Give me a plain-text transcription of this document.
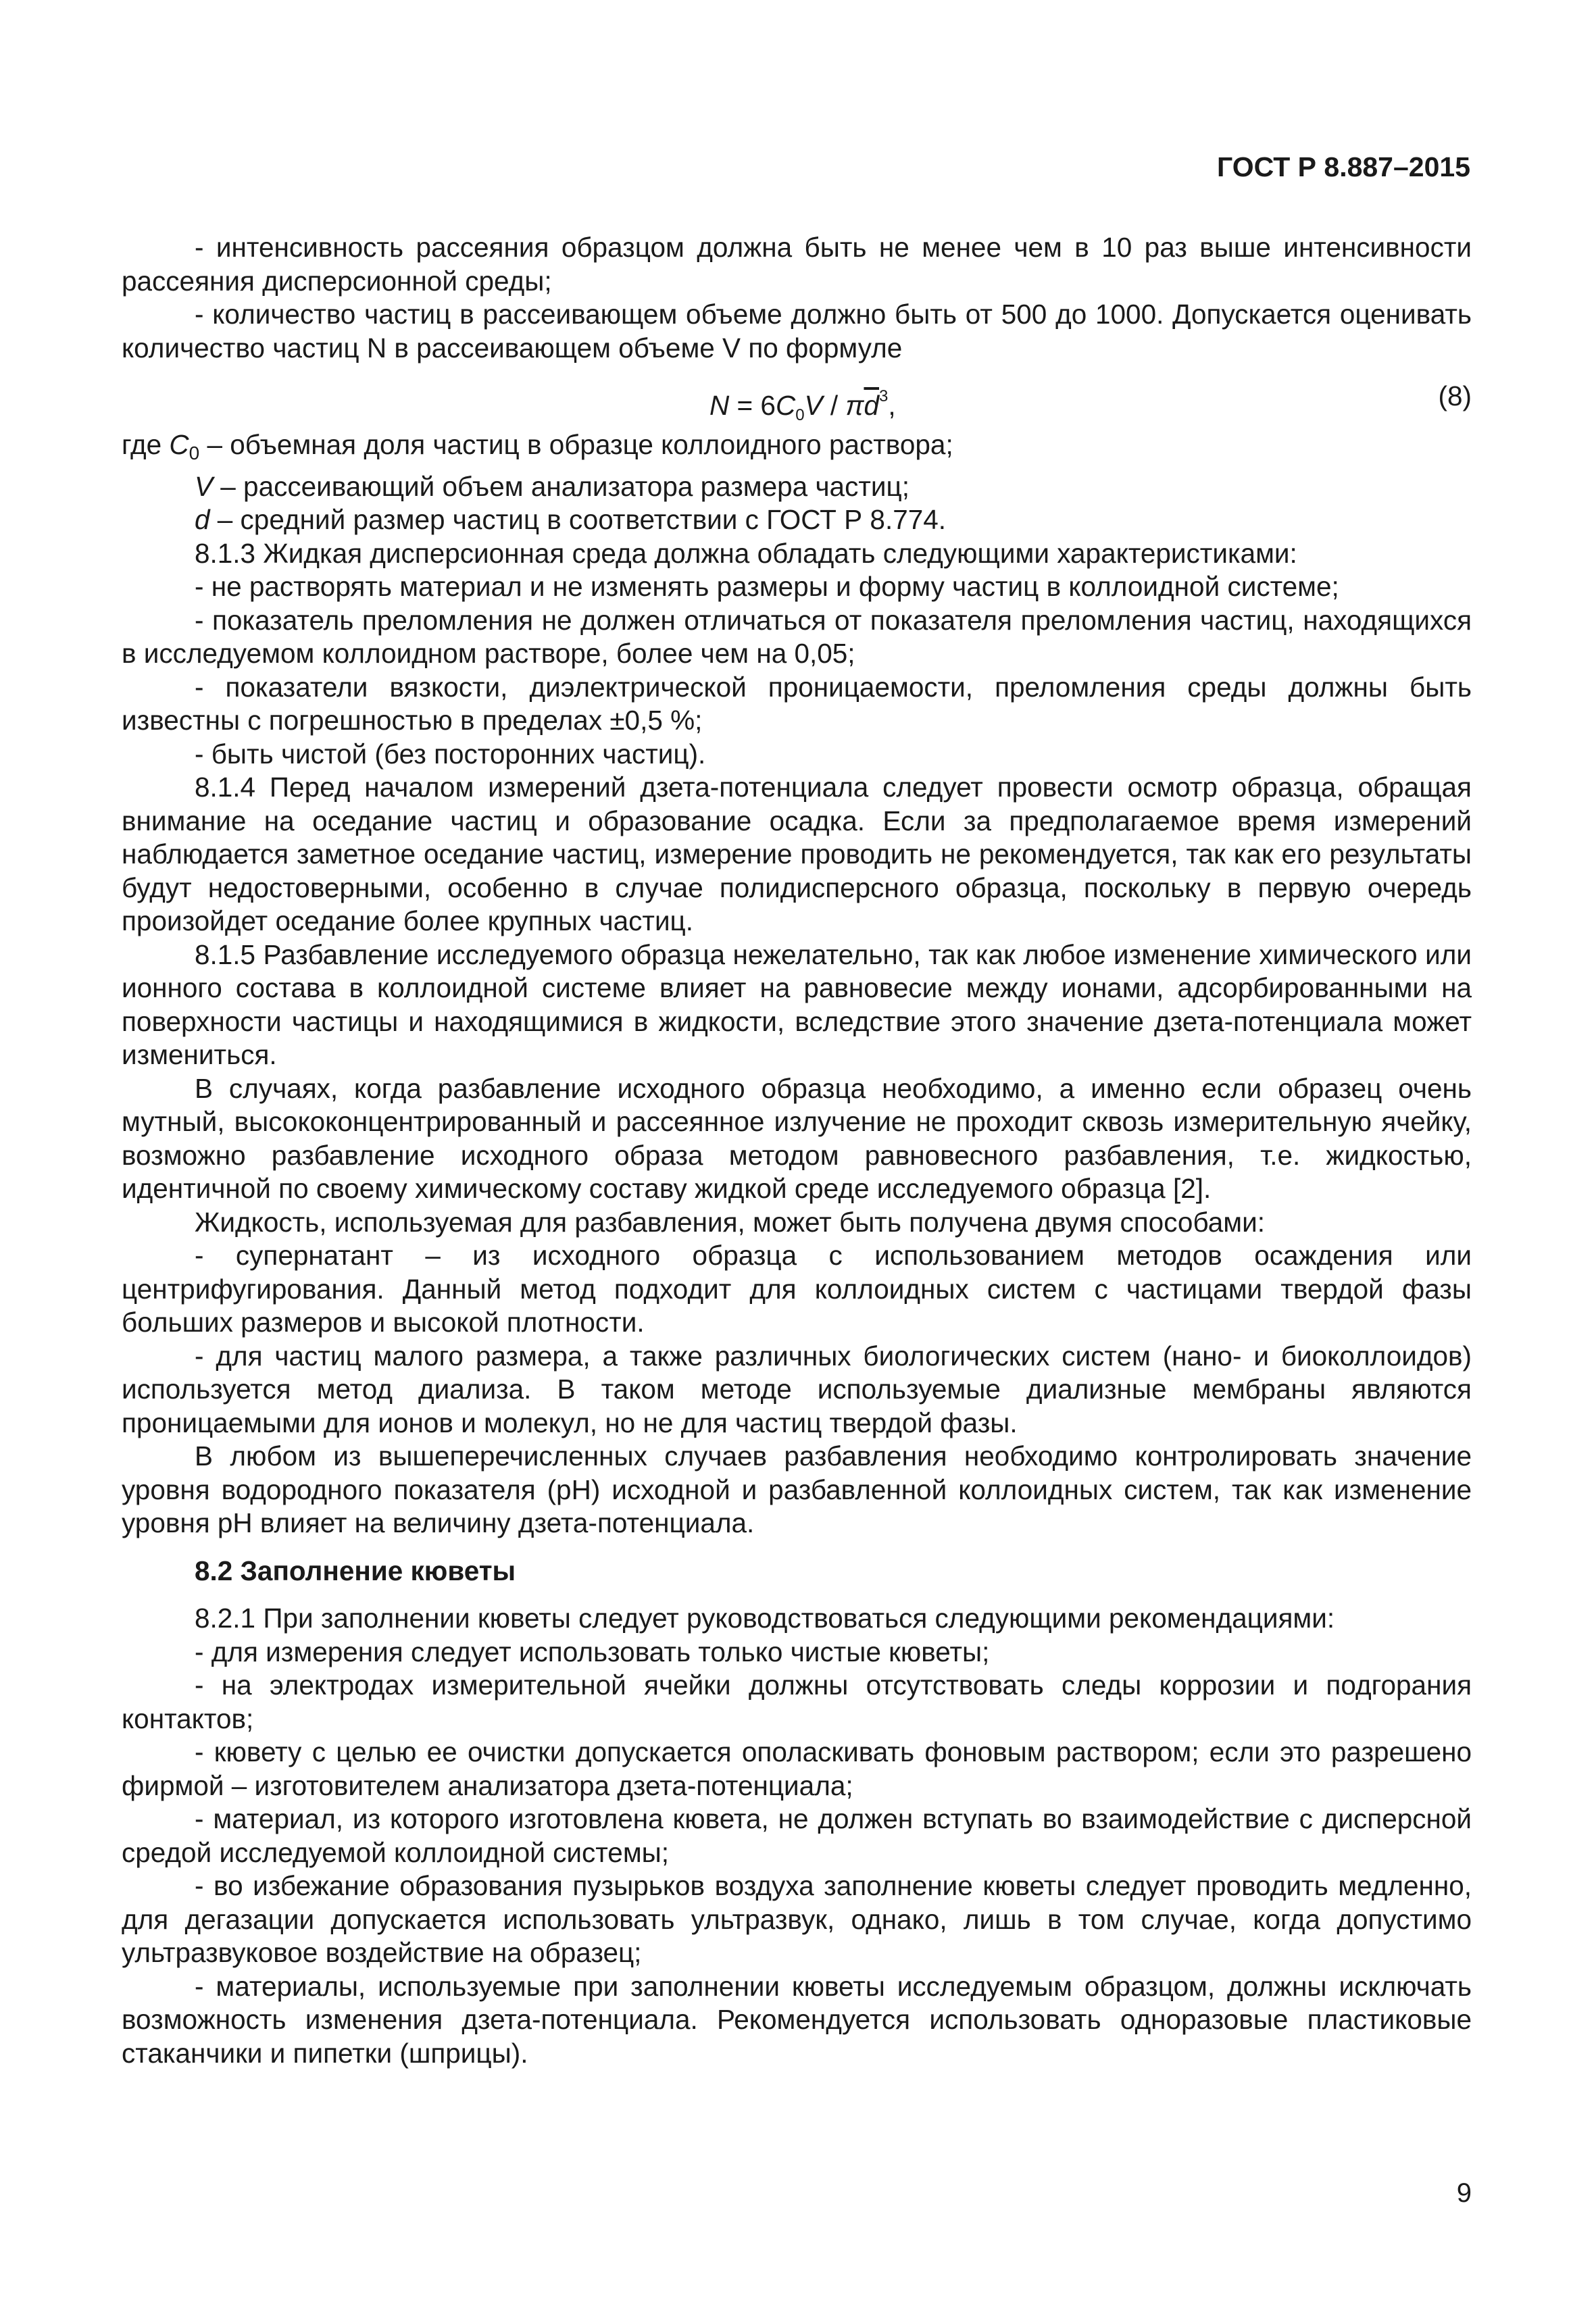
ГОСТ Р 8.887–2015

- интенсивность рассеяния образцом должна быть не менее чем в 10 раз выше интенсивности рассеяния дисперсионной среды;

- количество частиц в рассеивающем объеме должно быть от 500 до 1000. Допускается оценивать количество частиц N в рассеивающем объеме V по формуле

$N = 6C_0V / \pi\overline{d}^3$,	(8)

где $C_0$ – объемная доля частиц в образце коллоидного раствора;

V – рассеивающий объем анализатора размера частиц;

d – средний размер частиц в соответствии с ГОСТ Р 8.774.

8.1.3 Жидкая дисперсионная среда должна обладать следующими характеристиками:

- не растворять материал и не изменять размеры и форму частиц в коллоидной системе;

- показатель преломления не должен отличаться от показателя преломления частиц, находящихся в исследуемом коллоидном растворе, более чем на 0,05;

- показатели вязкости, диэлектрической проницаемости, преломления среды должны быть известны с погрешностью в пределах ±0,5 %;

- быть чистой (без посторонних частиц).

8.1.4 Перед началом измерений дзета-потенциала следует провести осмотр образца, обращая внимание на оседание частиц и образование осадка. Если за предполагаемое время измерений наблюдается заметное оседание частиц, измерение проводить не рекомендуется, так как его результаты будут недостоверными, особенно в случае полидисперсного образца, поскольку в первую очередь произойдет оседание более крупных частиц.

8.1.5 Разбавление исследуемого образца нежелательно, так как любое изменение химического или ионного состава в коллоидной системе влияет на равновесие между ионами, адсорбированными на поверхности частицы и находящимися в жидкости, вследствие этого значение дзета-потенциала может измениться.

В случаях, когда разбавление исходного образца необходимо, а именно если образец очень мутный, высококонцентрированный и рассеянное излучение не проходит сквозь измерительную ячейку, возможно разбавление исходного образа методом равновесного разбавления, т.е. жидкостью, идентичной по своему химическому составу жидкой среде исследуемого образца [2].

Жидкость, используемая для разбавления, может быть получена двумя способами:

- супернатант – из исходного образца с использованием методов осаждения или центрифугирования. Данный метод подходит для коллоидных систем с частицами твердой фазы больших размеров и высокой плотности.

- для частиц малого размера, а также различных биологических систем (нано- и биоколлоидов) используется метод диализа. В таком методе используемые диализные мембраны являются проницаемыми для ионов и молекул, но не для частиц твердой фазы.

В любом из вышеперечисленных случаев разбавления необходимо контролировать значение уровня водородного показателя (pH) исходной и разбавленной коллоидных систем, так как изменение уровня pH влияет на величину дзета-потенциала.

8.2 Заполнение кюветы

8.2.1 При заполнении кюветы следует руководствоваться следующими рекомендациями:

- для измерения следует использовать только чистые кюветы;

- на электродах измерительной ячейки должны отсутствовать следы коррозии и подгорания контактов;

- кювету с целью ее очистки допускается ополаскивать фоновым раствором; если это разрешено фирмой – изготовителем анализатора дзета-потенциала;

- материал, из которого изготовлена кювета, не должен вступать во взаимодействие с дисперсной средой исследуемой коллоидной системы;

- во избежание образования пузырьков воздуха заполнение кюветы следует проводить медленно, для дегазации допускается использовать ультразвук, однако, лишь в том случае, когда допустимо ультразвуковое воздействие на образец;

- материалы, используемые при заполнении кюветы исследуемым образцом, должны исключать возможность изменения дзета-потенциала. Рекомендуется использовать одноразовые пластиковые стаканчики и пипетки (шприцы).

9
